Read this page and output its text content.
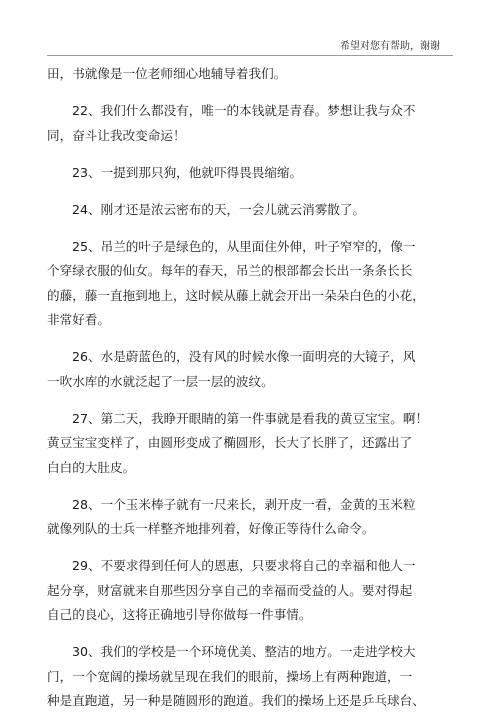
希望对您有帮助，谢谢

田，书就像是一位老师细心地辅导着我们。

22、我们什么都没有，唯一的本钱就是青春。梦想让我与众不
同，奋斗让我改变命运！

23、一提到那只狗，他就吓得畏畏缩缩。

24、刚才还是浓云密布的天，一会儿就云消雾散了。

25、吊兰的叶子是绿色的，从里面住外伸，叶子窄窄的，像一
个穿绿衣服的仙女。每年的春天，吊兰的根部都会长出一条条长长
的藤，藤一直拖到地上，这时候从藤上就会开出一朵朵白色的小花，
非常好看。

26、水是蔚蓝色的，没有风的时候水像一面明亮的大镜子，风
一吹水库的水就泛起了一层一层的波纹。

27、第二天，我睁开眼睛的第一件事就是看我的黄豆宝宝。啊！
黄豆宝宝变样了，由圆形变成了椭圆形，长大了长胖了，还露出了
白白的大肚皮。

28、一个玉米棒子就有一尺来长，剥开皮一看，金黄的玉米粒
就像列队的士兵一样整齐地排列着，好像正等待什么命令。

29、不要求得到任何人的恩惠，只要求将自己的幸福和他人一
起分享，财富就来自那些因分享自己的幸福而受益的人。要对得起
自己的良心，这将正确地引导你做每一件事情。

30、我们的学校是一个环境优美、整洁的地方。一走进学校大
门，一个宽阔的操场就呈现在我们的眼前，操场上有两种跑道，一
种是直跑道，另一种是随圆形的跑道。我们的操场上还是乒乓球台、
